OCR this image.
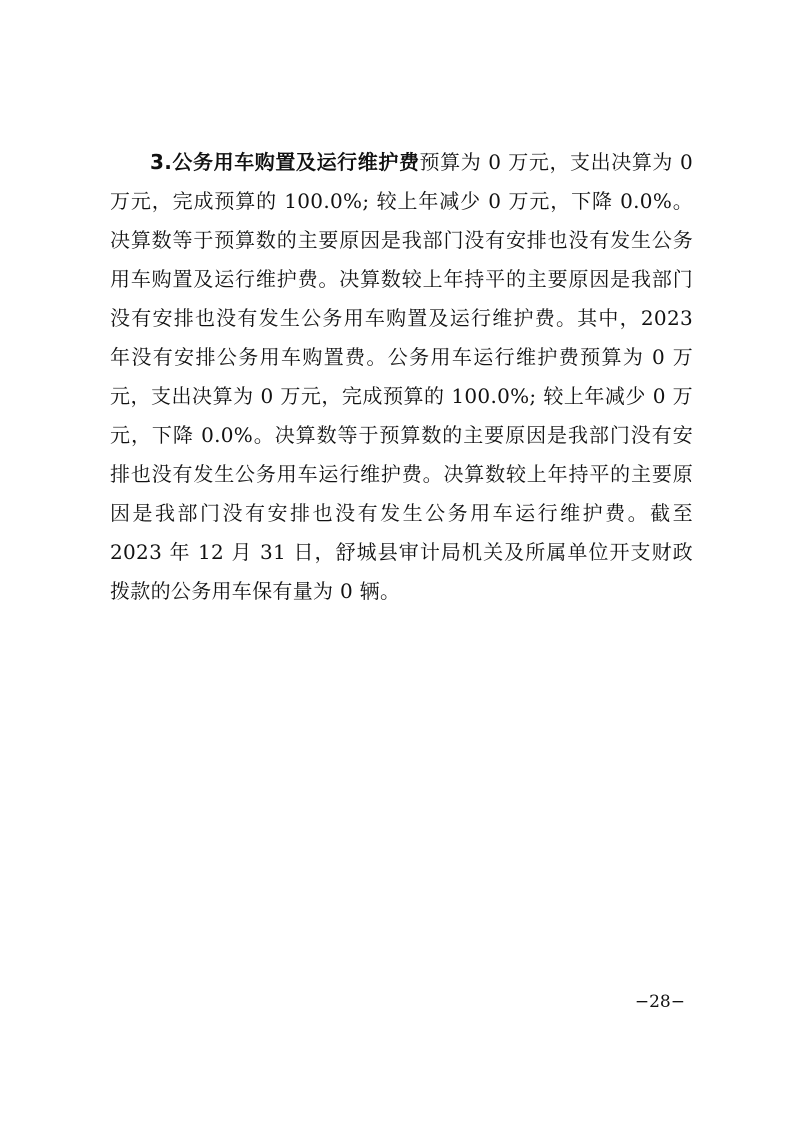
3.公务用车购置及运行维护费预算为 0 万元，支出决算为 0 万元，完成预算的 100.0%; 较上年减少 0 万元，下降 0.0%。决算数等于预算数的主要原因是我部门没有安排也没有发生公务用车购置及运行维护费。决算数较上年持平的主要原因是我部门没有安排也没有发生公务用车购置及运行维护费。其中，2023 年没有安排公务用车购置费。公务用车运行维护费预算为 0 万元，支出决算为 0 万元，完成预算的 100.0%; 较上年减少 0 万元，下降 0.0%。决算数等于预算数的主要原因是我部门没有安排也没有发生公务用车运行维护费。决算数较上年持平的主要原因是我部门没有安排也没有发生公务用车运行维护费。截至 2023 年 12 月 31 日，舒城县审计局机关及所属单位开支财政拨款的公务用车保有量为 0 辆。

−28−
